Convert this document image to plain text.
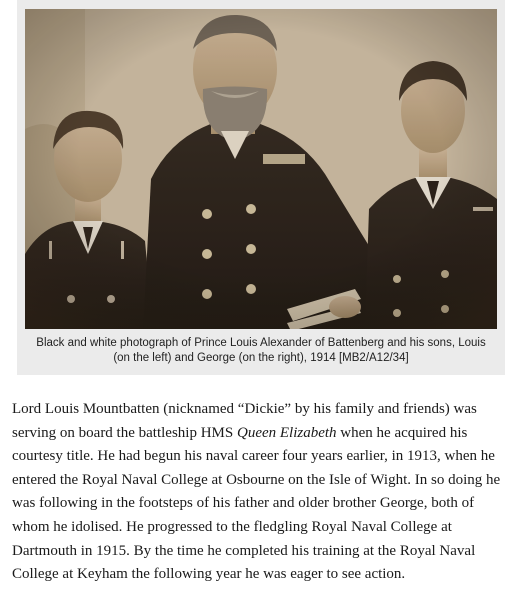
Black and white photograph of Prince Louis Alexander of Battenberg and his sons, Louis
(on the left) and George (on the right), 1914 [MB2/A12/34]

Lord Louis Mountbatten (nicknamed “Dickie” by his family and friends) was
serving on board the battleship HMS Queen Elizabeth when he acquired his
courtesy title. He had begun his naval career four years earlier, in 1913, when he
entered the Royal Naval College at Osbourne on the Isle of Wight. In so doing he
was following in the footsteps of his father and older brother George, both of
whom he idolised. He progressed to the fledgling Royal Naval College at
Dartmouth in 1915. By the time he completed his training at the Royal Naval
College at Keyham the following year he was eager to see action.
